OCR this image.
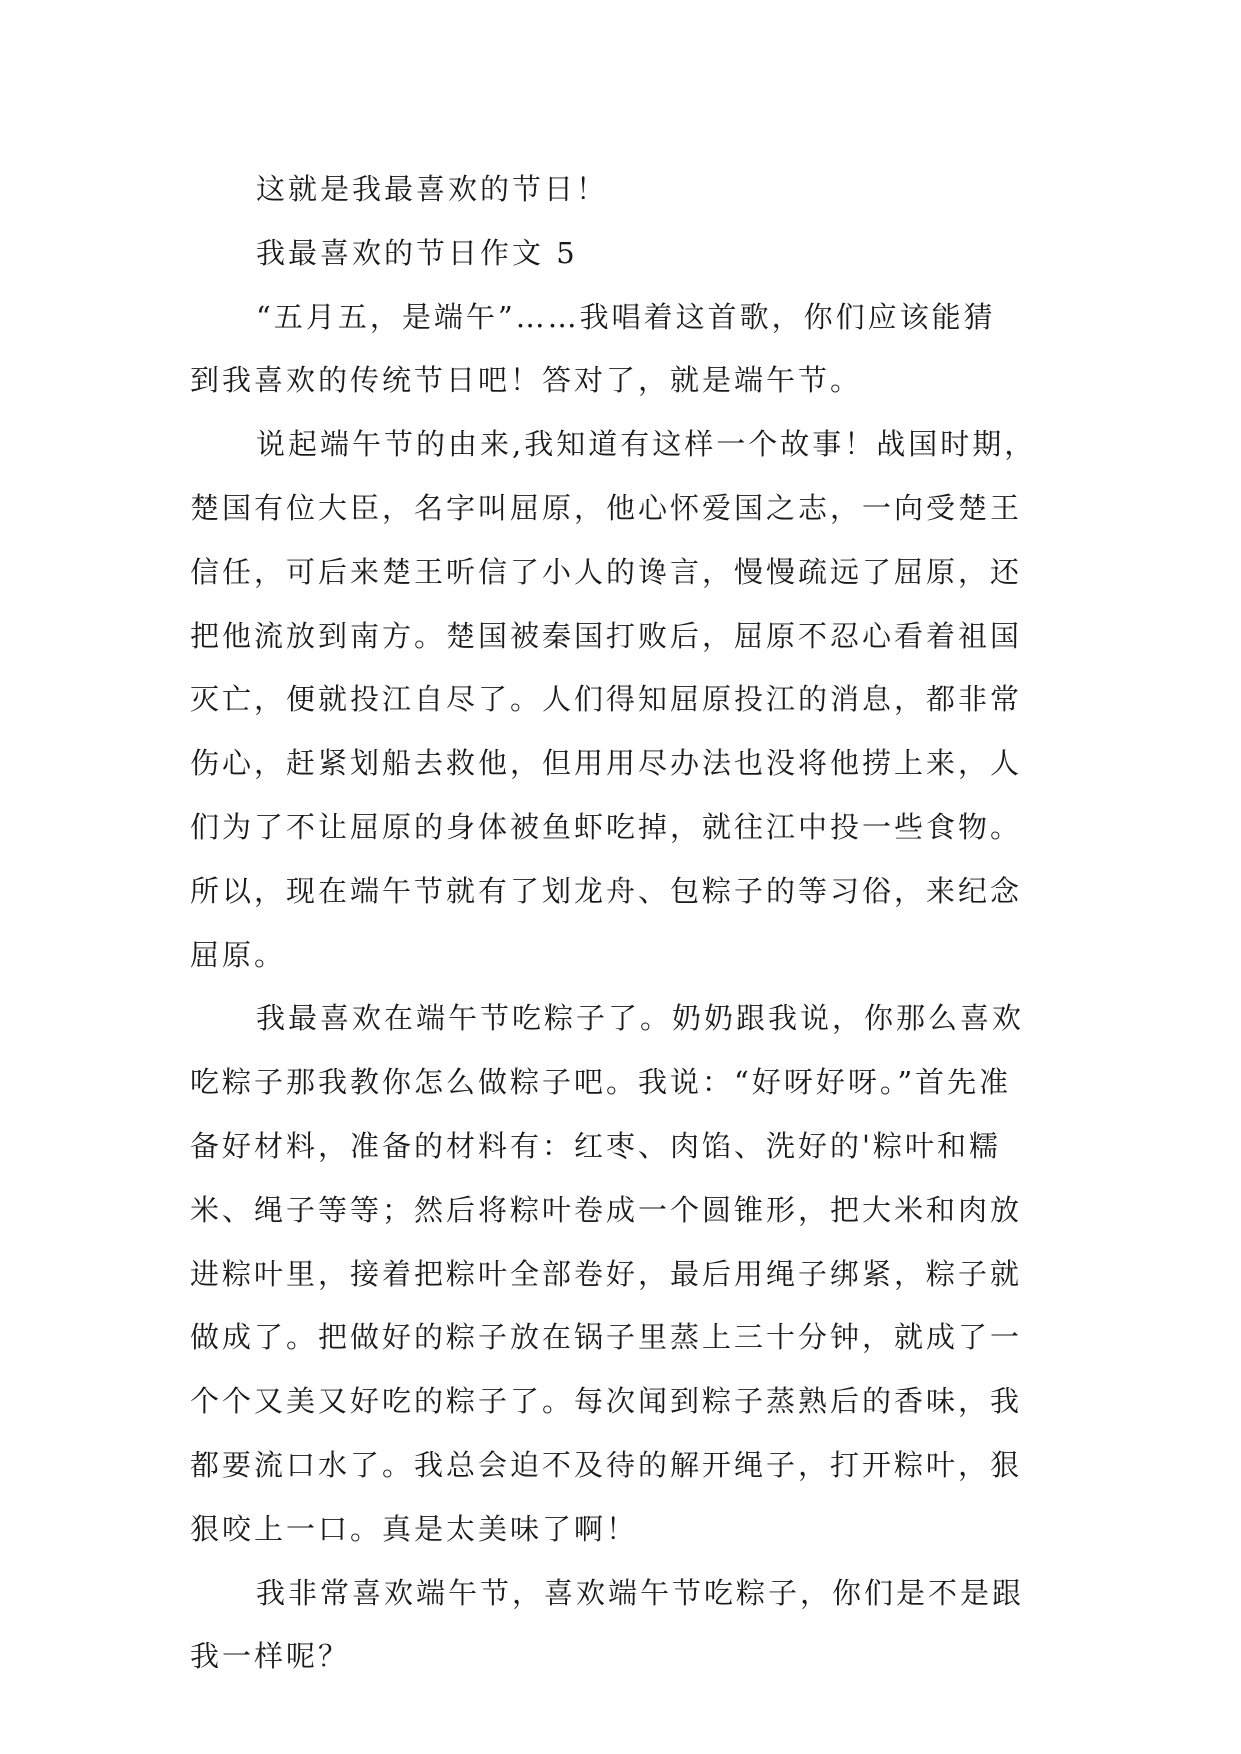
这就是我最喜欢的节日！
我最喜欢的节日作文 5
“五月五，是端午”……我唱着这首歌，你们应该能猜
到我喜欢的传统节日吧！答对了，就是端午节。
说起端午节的由来,我知道有这样一个故事！战国时期，
楚国有位大臣，名字叫屈原，他心怀爱国之志，一向受楚王
信任，可后来楚王听信了小人的谗言，慢慢疏远了屈原，还
把他流放到南方。楚国被秦国打败后，屈原不忍心看着祖国
灭亡，便就投江自尽了。人们得知屈原投江的消息，都非常
伤心，赶紧划船去救他，但用用尽办法也没将他捞上来，人
们为了不让屈原的身体被鱼虾吃掉，就往江中投一些食物。
所以，现在端午节就有了划龙舟、包粽子的等习俗，来纪念
屈原。
我最喜欢在端午节吃粽子了。奶奶跟我说，你那么喜欢
吃粽子那我教你怎么做粽子吧。我说：“好呀好呀。”首先准
备好材料，准备的材料有：红枣、肉馅、洗好的'粽叶和糯
米、绳子等等；然后将粽叶卷成一个圆锥形，把大米和肉放
进粽叶里，接着把粽叶全部卷好，最后用绳子绑紧，粽子就
做成了。把做好的粽子放在锅子里蒸上三十分钟，就成了一
个个又美又好吃的粽子了。每次闻到粽子蒸熟后的香味，我
都要流口水了。我总会迫不及待的解开绳子，打开粽叶，狠
狠咬上一口。真是太美味了啊！
我非常喜欢端午节，喜欢端午节吃粽子，你们是不是跟
我一样呢？
